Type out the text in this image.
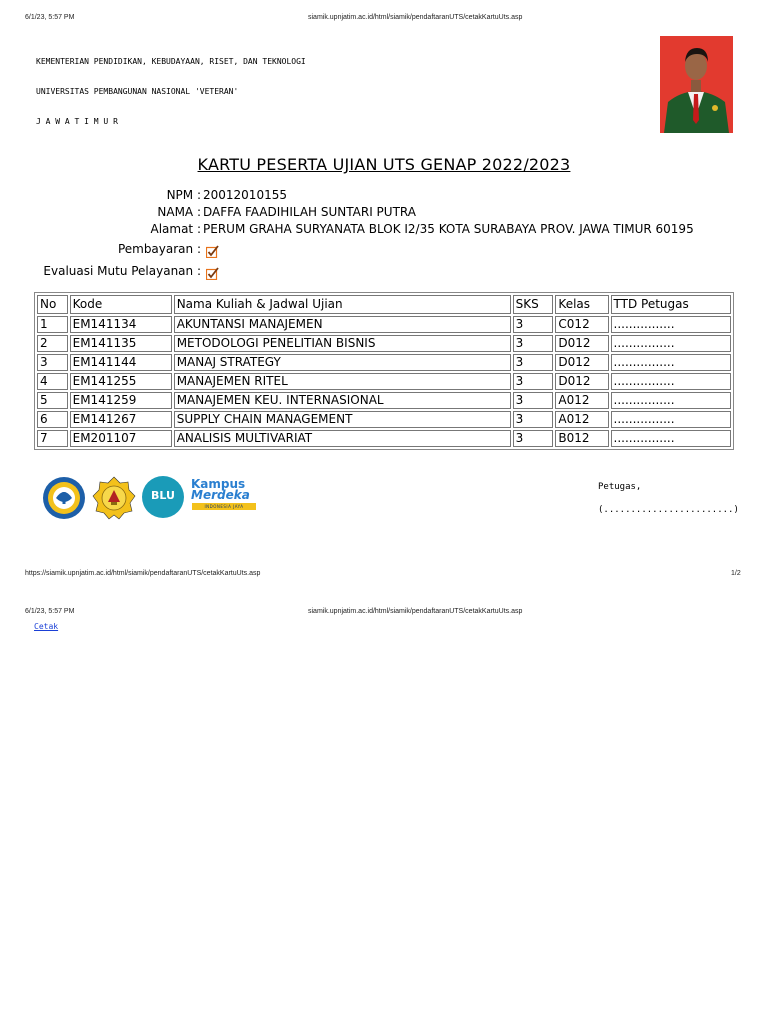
6/1/23, 5:57 PM	siamik.upnjatim.ac.id/html/siamik/pendaftaranUTS/cetakKartuUts.asp

KEMENTERIAN PENDIDIKAN, KEBUDAYAAN, RISET, DAN TEKNOLOGI

UNIVERSITAS PEMBANGUNAN NASIONAL 'VETERAN'

J A W A T I M U R

KARTU PESERTA UJIAN UTS GENAP 2022/2023
NPM : 20012010155
NAMA : DAFFA FAADIHILAH SUNTARI PUTRA
Alamat : PERUM GRAHA SURYANATA BLOK I2/35 KOTA SURABAYA PROV. JAWA TIMUR 60195
Pembayaran :
Evaluasi Mutu Pelayanan :
No	Kode	Nama Kuliah & Jadwal Ujian	SKS	Kelas	TTD Petugas
1	EM141134	AKUNTANSI MANAJEMEN	3	C012	................
2	EM141135	METODOLOGI PENELITIAN BISNIS	3	D012	................
3	EM141144	MANAJ STRATEGY	3	D012	................
4	EM141255	MANAJEMEN RITEL	3	D012	................
5	EM141259	MANAJEMEN KEU. INTERNASIONAL	3	A012	................
6	EM141267	SUPPLY CHAIN MANAGEMENT	3	A012	................
7	EM201107	ANALISIS MULTIVARIAT	3	B012	................
BLU
Kampus
Merdeka
INDONESIA JAYA
Petugas,
(........................)
https://siamik.upnjatim.ac.id/html/siamik/pendaftaranUTS/cetakKartuUts.asp	1/2
6/1/23, 5:57 PM	siamik.upnjatim.ac.id/html/siamik/pendaftaranUTS/cetakKartuUts.asp
Cetak
